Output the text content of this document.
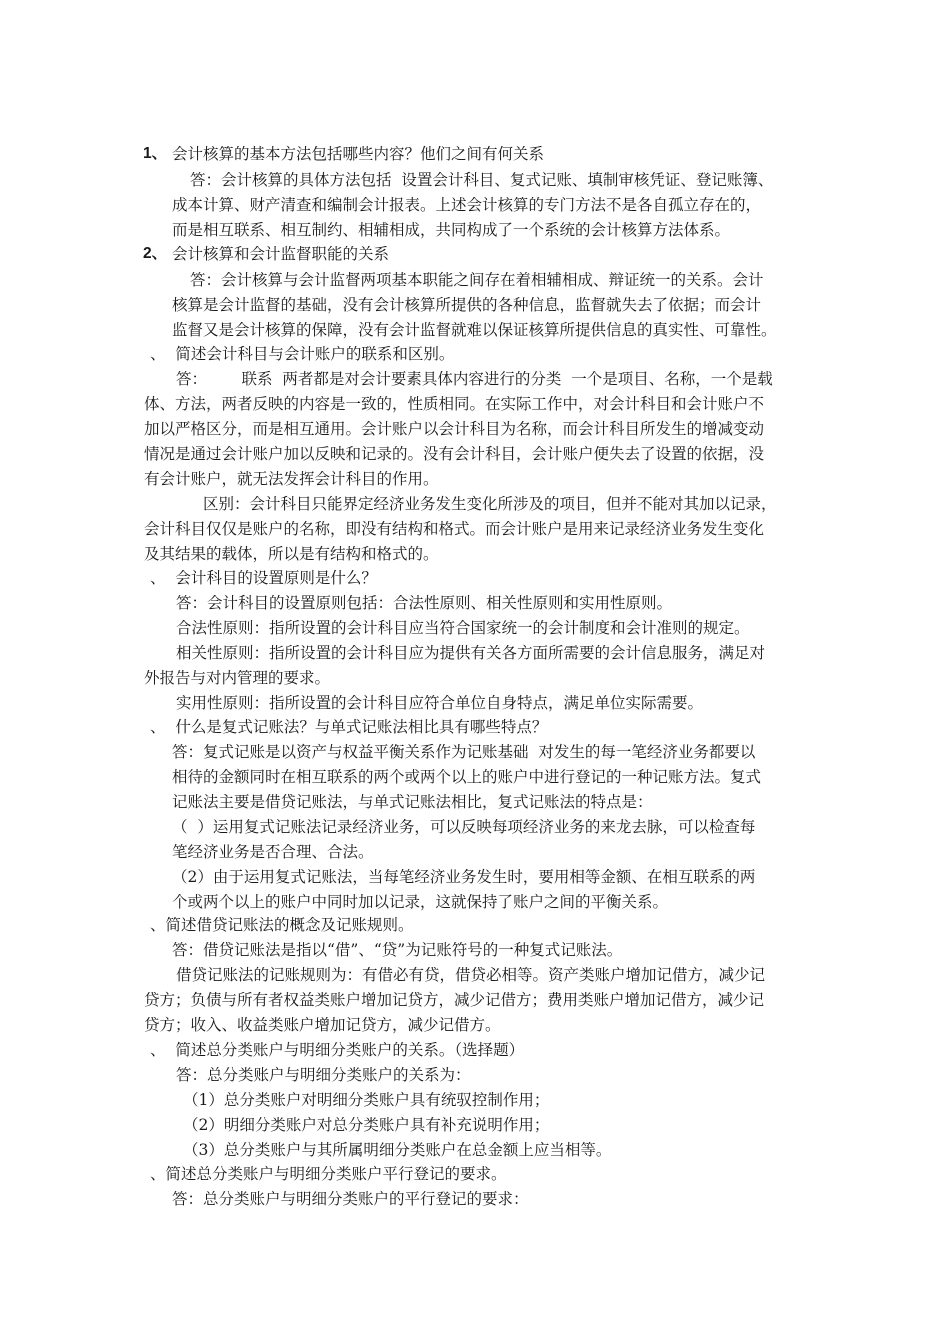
1、 会计核算的基本方法包括哪些内容？他们之间有何关系
答：会计核算的具体方法包括  设置会计科目、复式记账、填制审核凭证、登记账簿、
成本计算、财产清查和编制会计报表。上述会计核算的专门方法不是各自孤立存在的，
而是相互联系、相互制约、相辅相成，共同构成了一个系统的会计核算方法体系。
2、 会计核算和会计监督职能的关系
答：会计核算与会计监督两项基本职能之间存在着相辅相成、辩证统一的关系。会计
核算是会计监督的基础，没有会计核算所提供的各种信息，监督就失去了依据；而会计
监督又是会计核算的保障，没有会计监督就难以保证核算所提供信息的真实性、可靠性。
、  简述会计科目与会计账户的联系和区别。
答：       联系  两者都是对会计要素具体内容进行的分类  一个是项目、名称，一个是载
体、方法，两者反映的内容是一致的，性质相同。在实际工作中，对会计科目和会计账户不
加以严格区分，而是相互通用。会计账户以会计科目为名称，而会计科目所发生的增减变动
情况是通过会计账户加以反映和记录的。没有会计科目，会计账户便失去了设置的依据，没
有会计账户，就无法发挥会计科目的作用。
区别：会计科目只能界定经济业务发生变化所涉及的项目，但并不能对其加以记录，
会计科目仅仅是账户的名称，即没有结构和格式。而会计账户是用来记录经济业务发生变化
及其结果的载体，所以是有结构和格式的。
、  会计科目的设置原则是什么？
答：会计科目的设置原则包括：合法性原则、相关性原则和实用性原则。
合法性原则：指所设置的会计科目应当符合国家统一的会计制度和会计准则的规定。
相关性原则：指所设置的会计科目应为提供有关各方面所需要的会计信息服务，满足对
外报告与对内管理的要求。
实用性原则：指所设置的会计科目应符合单位自身特点，满足单位实际需要。
、  什么是复式记账法？与单式记账法相比具有哪些特点？
答：复式记账是以资产与权益平衡关系作为记账基础  对发生的每一笔经济业务都要以
相待的金额同时在相互联系的两个或两个以上的账户中进行登记的一种记账方法。复式
记账法主要是借贷记账法，与单式记账法相比，复式记账法的特点是：
（  ）运用复式记账法记录经济业务，可以反映每项经济业务的来龙去脉，可以检查每
笔经济业务是否合理、合法。
（2）由于运用复式记账法，当每笔经济业务发生时，要用相等金额、在相互联系的两
个或两个以上的账户中同时加以记录，这就保持了账户之间的平衡关系。
、简述借贷记账法的概念及记账规则。
答：借贷记账法是指以“借”、“贷”为记账符号的一种复式记账法。
借贷记账法的记账规则为：有借必有贷，借贷必相等。资产类账户增加记借方，减少记
贷方；负债与所有者权益类账户增加记贷方，减少记借方；费用类账户增加记借方，减少记
贷方；收入、收益类账户增加记贷方，减少记借方。
、  简述总分类账户与明细分类账户的关系。（选择题）
答：总分类账户与明细分类账户的关系为：
（1）总分类账户对明细分类账户具有统驭控制作用；
（2）明细分类账户对总分类账户具有补充说明作用；
（3）总分类账户与其所属明细分类账户在总金额上应当相等。
、简述总分类账户与明细分类账户平行登记的要求。
答：总分类账户与明细分类账户的平行登记的要求：
